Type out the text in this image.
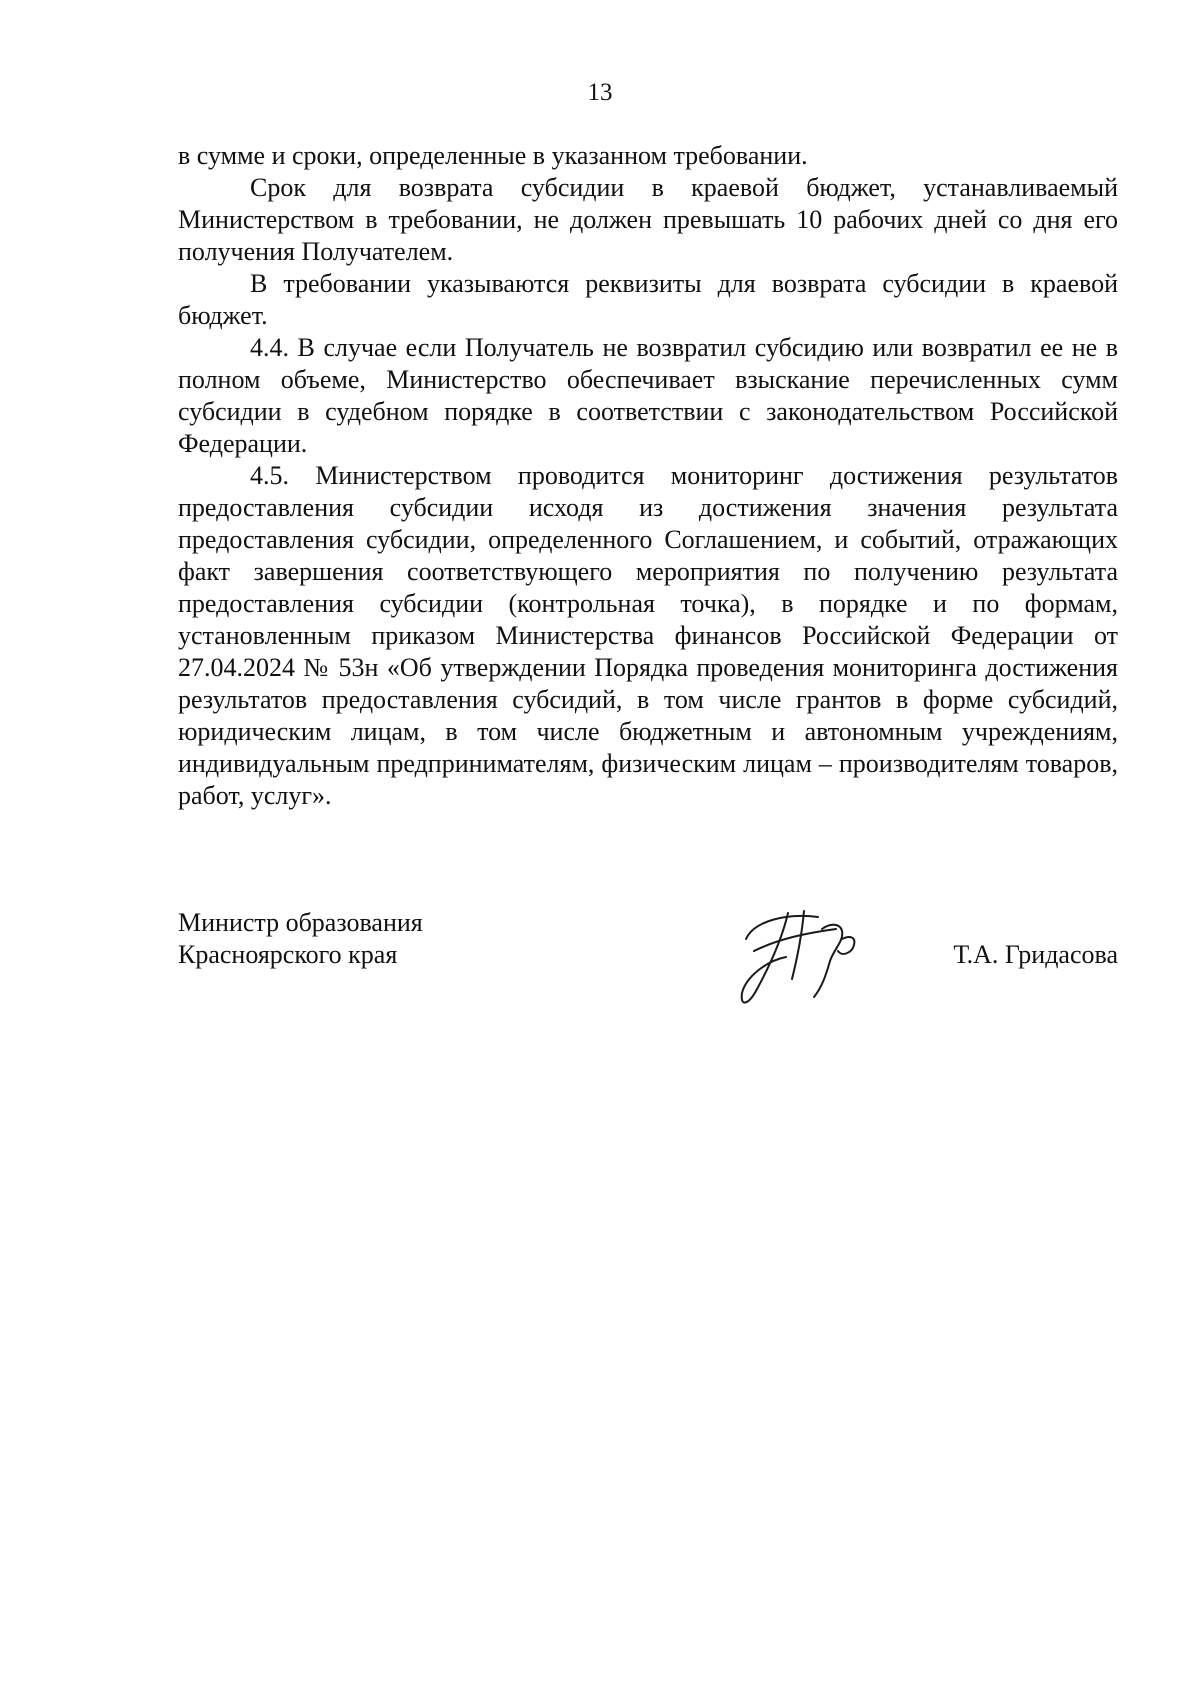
13

в сумме и сроки, определенные в указанном требовании.

Срок для возврата субсидии в краевой бюджет, устанавливаемый Министерством в требовании, не должен превышать 10 рабочих дней со дня его получения Получателем.

В требовании указываются реквизиты для возврата субсидии в краевой бюджет.

4.4. В случае если Получатель не возвратил субсидию или возвратил ее не в полном объеме, Министерство обеспечивает взыскание перечисленных сумм субсидии в судебном порядке в соответствии с законодательством Российской Федерации.

4.5. Министерством проводится мониторинг достижения результатов предоставления субсидии исходя из достижения значения результата предоставления субсидии, определенного Соглашением, и событий, отражающих факт завершения соответствующего мероприятия по получению результата предоставления субсидии (контрольная точка), в порядке и по формам, установленным приказом Министерства финансов Российской Федерации от 27.04.2024 № 53н «Об утверждении Порядка проведения мониторинга достижения результатов предоставления субсидий, в том числе грантов в форме субсидий, юридическим лицам, в том числе бюджетным и автономным учреждениям, индивидуальным предпринимателям, физическим лицам – производителям товаров, работ, услуг».

Министр образования
Красноярского края	Т.А. Гридасова
